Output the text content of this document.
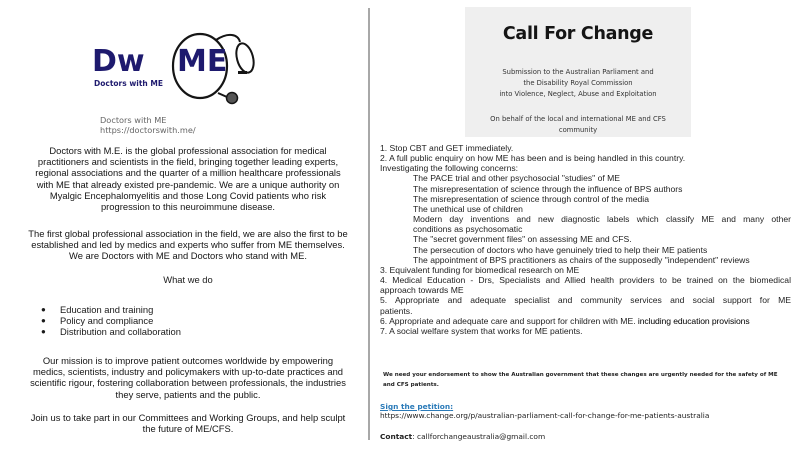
Dw ME
Doctors with ME
Doctors with ME
https://doctorswith.me/

Doctors with M.E. is the global professional association for medical practitioners and scientists in the field, bringing together leading experts, regional associations and the quarter of a million healthcare professionals with ME that already existed pre-pandemic. We are a unique authority on Myalgic Encephalomyelitis and those Long Covid patients who risk progression to this neuroimmune disease.

The first global professional association in the field, we are also the first to be established and led by medics and experts who suffer from ME themselves. We are Doctors with ME and Doctors who stand with ME.

What we do
● Education and training
● Policy and compliance
● Distribution and collaboration

Our mission is to improve patient outcomes worldwide by empowering medics, scientists, industry and policymakers with up-to-date practices and scientific rigour, fostering collaboration between professionals, the industries they serve, patients and the public.

Join us to take part in our Committees and Working Groups, and help sculpt the future of ME/CFS.

Call For Change
Submission to the Australian Parliament and
the Disability Royal Commission
into Violence, Neglect, Abuse and Exploitation
On behalf of the local and international ME and CFS
community
1. Stop CBT and GET immediately.
2. A full public enquiry on how ME has been and is being handled in this country.
Investigating the following concerns:
The PACE trial and other psychosocial "studies" of ME
The misrepresentation of science through the influence of BPS authors
The misrepresentation of science through control of the media
The unethical use of children
Modern day inventions and new diagnostic labels which classify ME and many other
conditions as psychosomatic
The "secret government files" on assessing ME and CFS.
The persecution of doctors who have genuinely tried to help their ME patients
The appointment of BPS practitioners as chairs of the supposedly "independent" reviews
3. Equivalent funding for biomedical research on ME
4. Medical Education - Drs, Specialists and Allied health providers to be trained on the biomedical
approach towards ME
5. Appropriate and adequate specialist and community services and social support for ME
patients.
6. Appropriate and adequate care and support for children with ME. including education provisions
7. A social welfare system that works for ME patients.
We need your endorsement to show the Australian government that these changes are urgently needed for the safety of ME and CFS patients.
Sign the petition:
https://www.change.org/p/australian-parliament-call-for-change-for-me-patients-australia
Contact: callforchangeaustralia@gmail.com
